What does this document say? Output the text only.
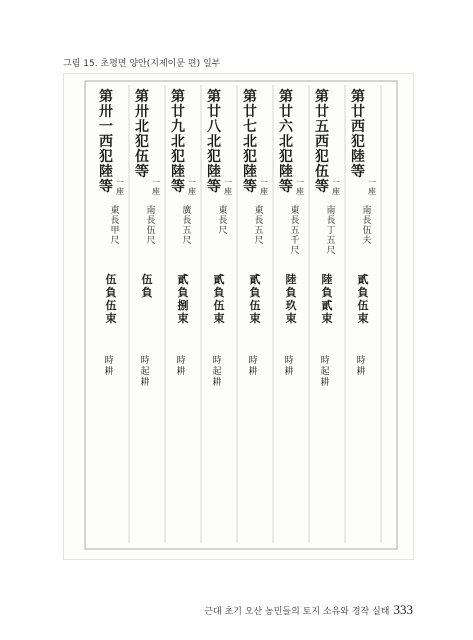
그림 15. 초평면 양안(지제이문 편) 일부
第廿西犯陸等
一座
南長伍夫
貳負伍束
時耕
第廿五西犯伍等 一座
南長丁五尺
陸負貳束
時起耕
第廿六北犯陸等 一座
東長五千尺
陸負玖束
時耕
第廿七北犯陸等 一座
東長五尺
貳負伍束
時耕
第廿八北犯陸等 一座
東長尺
貳負伍束
時起耕
第廿九北犯陸等 一座
廣長五尺
貳負捌束
時耕
第卅北犯伍等
一座
南長伍尺
伍負
時起耕
第卅一西犯陸等 一座
東長甲尺
伍負伍束
時耕
근대 초기 오산 농민들의 토지 소유와 경작 실태 333
